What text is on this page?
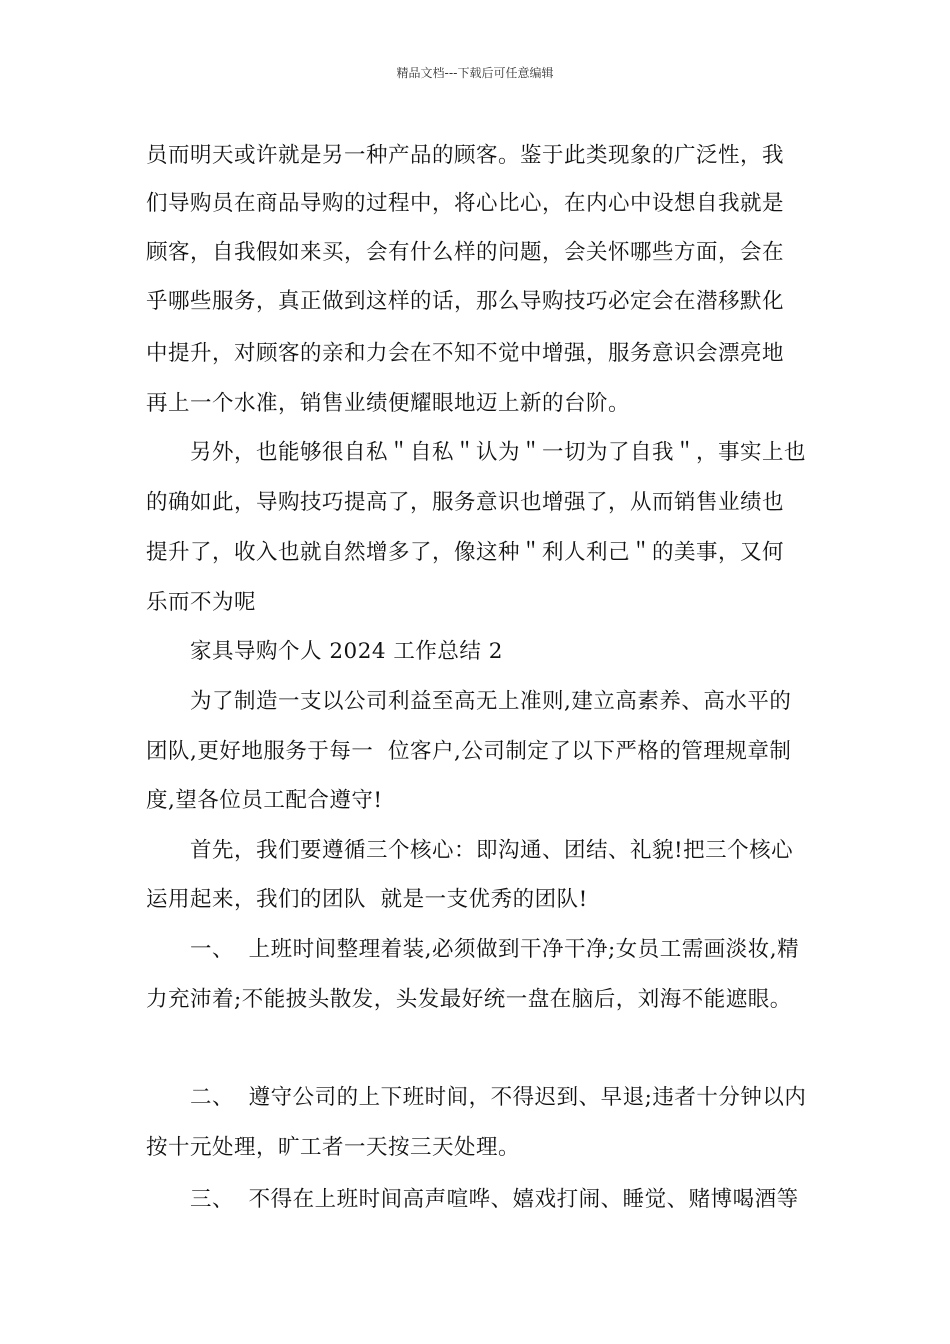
精品文档---下载后可任意编辑
员而明天或许就是另一种产品的顾客。鉴于此类现象的广泛性，我
们导购员在商品导购的过程中，将心比心，在内心中设想自我就是
顾客，自我假如来买，会有什么样的问题，会关怀哪些方面，会在
乎哪些服务，真正做到这样的话，那么导购技巧必定会在潜移默化
中提升，对顾客的亲和力会在不知不觉中增强，服务意识会漂亮地
再上一个水准，销售业绩便耀眼地迈上新的台阶。
　　另外，也能够很自私＂自私＂认为＂一切为了自我＂，事实上也
的确如此，导购技巧提高了，服务意识也增强了，从而销售业绩也
提升了，收入也就自然增多了，像这种＂利人利己＂的美事，又何
乐而不为呢
　　家具导购个人 2024 工作总结 2
　　为了制造一支以公司利益至高无上准则,建立高素养、高水平的
团队,更好地服务于每一  位客户,公司制定了以下严格的管理规章制
度,望各位员工配合遵守!
　　首先，我们要遵循三个核心：即沟通、团结、礼貌!把三个核心
运用起来，我们的团队  就是一支优秀的团队!
　　一、  上班时间整理着装,必须做到干净干净;女员工需画淡妆,精
力充沛着;不能披头散发，头发最好统一盘在脑后，刘海不能遮眼。
　　二、  遵守公司的上下班时间，不得迟到、早退;违者十分钟以内
按十元处理，旷工者一天按三天处理。
　　三、  不得在上班时间高声喧哗、嬉戏打闹、睡觉、赌博喝酒等
